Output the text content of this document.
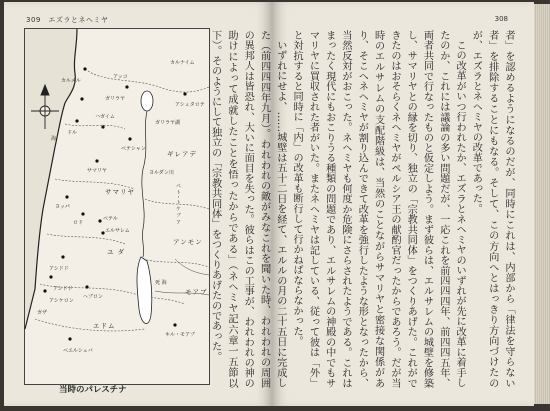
309　エズラとネヘミヤ
アッコ
カルナイム
カルメル
ガリラヤ
ガリラヤ湖
アシュタロテ
ドル
ハガイム
海
ベテシャン
ギレアデ
ヨルダン川
サマリヤ
サマリヤ
ヨッパ
ロド
ベテル
エルサレム
ユ ダ
アンモン
アシドド
アシドド
アシケロン
ガザ
ヘブロン
死 海
エドム
モアブ
ベエルシェバ
キル・モアブ
ペ ト・ト ケ ブ ア
当時のパレスチナ
308

者」を認めるようになるのだが、同時にこれは、内部から「律法を守らない者」を排除することにもなる。そして、この方向へとはっきり方向づけたのが、エズラとネヘミヤの改革であった。

この改革がいつ行われたか、エズラとネヘミヤのいずれが先に改革に着手したのか、これには議論の多い問題だが、一応これを前四四四年、前四四五年、両者共同で行なったものと仮定しよう。まず彼らは、エルサレムの城壁を修築し、サマリヤとの縁を切り、独立の「宗教共同体」をつくりあげた。これができたのはおそらくネヘミヤがペルシア王の献酌官だったからであろう。だが当時のエルサレムの支配階級は、当然のことながらサマリヤと密接な関係があり、そこへネヘミヤが割り込んできて改革を強行したような形となったから、当然反対がおこった。ネヘミヤも何度か危険にさらされたようである。これはまったく現代にもおこりうる種類の問題であり、エルサレムの神殿の中でもサマリヤに買収された者がいた。またネヘミヤは記している、従って彼は「外」と対抗すると同時に「内」の改革も断行して行かねばならなかった。

いずれにせよ、……城壁は五十二日を経て、エルルの月の二十五日に完成した（前四四四年九月）。われわれの敵がみなこれを聞いた時、われわれの周囲の異邦人は皆恐れ、大いに面目を失った。彼らはこの工事が、われわれの神の助けによって成就したことを悟ったからである」（ネヘミヤ記六章一五節以下）。そのようにして独立の「宗教共同体」をつくりあげたのであった。
